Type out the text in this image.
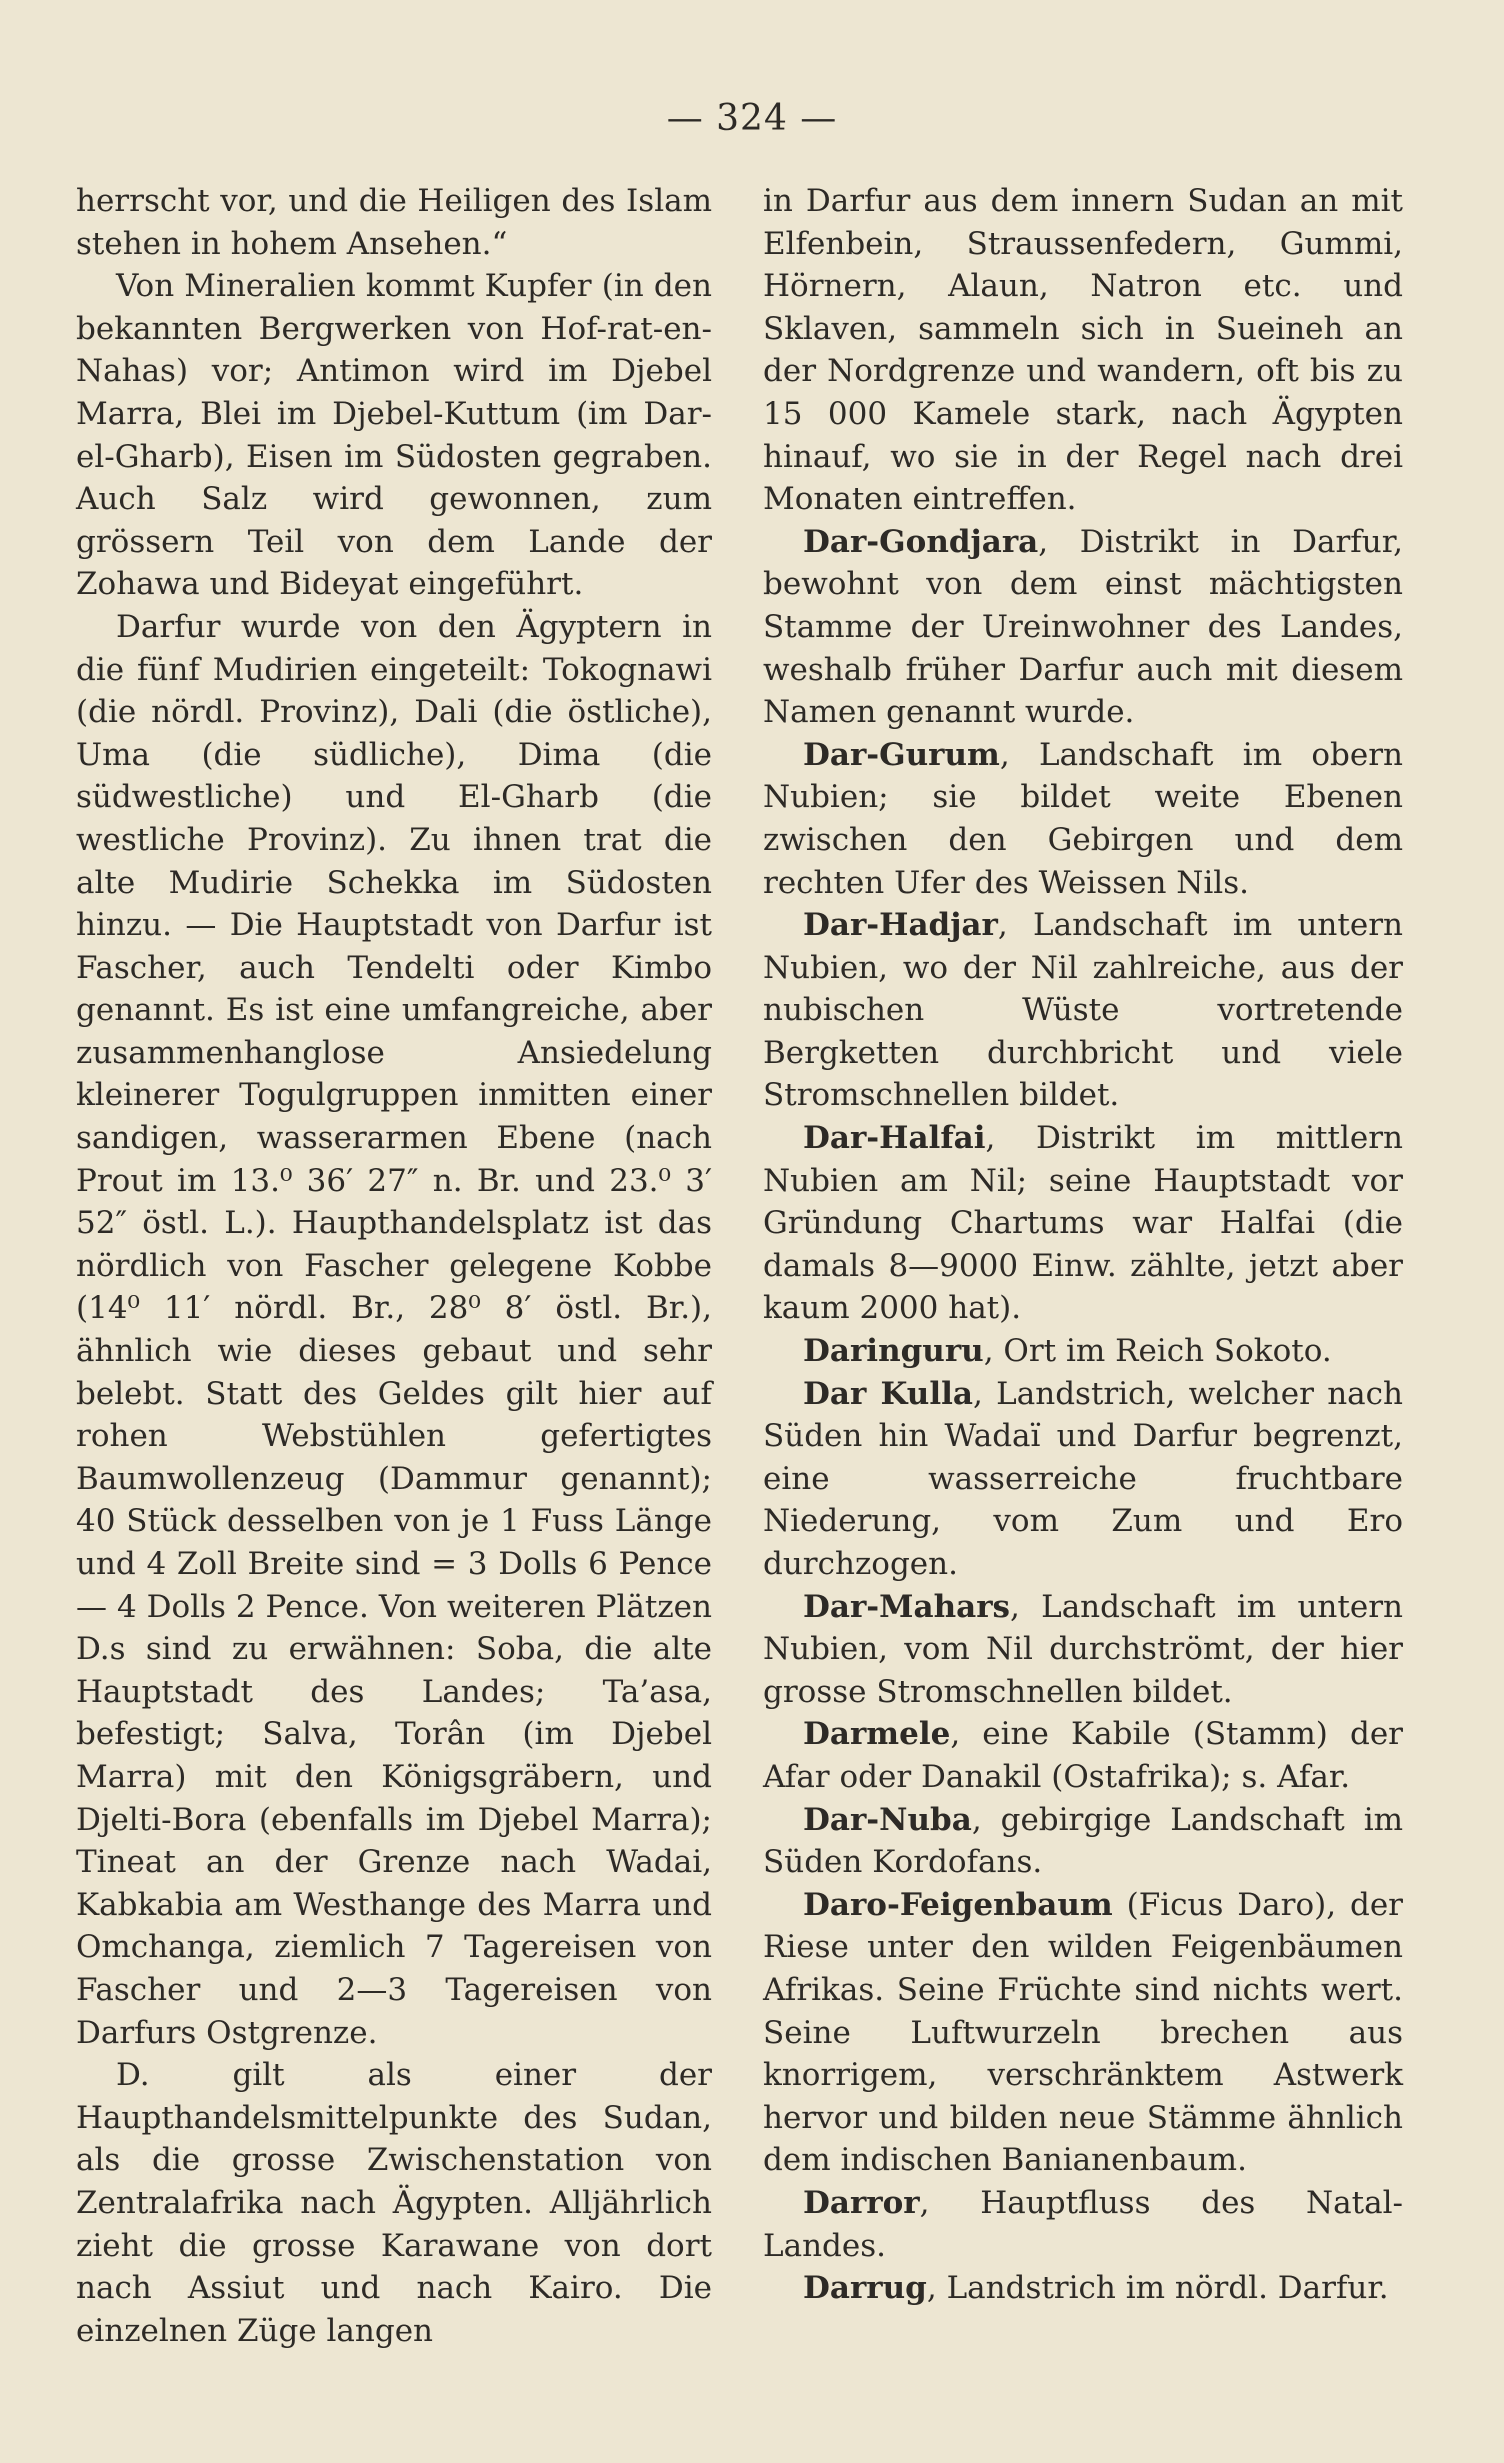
— 324 —

herrscht vor, und die Heiligen des Islam stehen in hohem Ansehen.“

Von Mineralien kommt Kupfer (in den bekannten Bergwerken von Hof-rat-en-Nahas) vor; Antimon wird im Djebel Marra, Blei im Djebel-Kuttum (im Dar-el-Gharb), Eisen im Südosten gegraben. Auch Salz wird gewonnen, zum grössern Teil von dem Lande der Zohawa und Bideyat eingeführt.

Darfur wurde von den Ägyptern in die fünf Mudirien eingeteilt: Tokognawi (die nördl. Provinz), Dali (die östliche), Uma (die südliche), Dima (die südwestliche) und El-Gharb (die westliche Provinz). Zu ihnen trat die alte Mudirie Schekka im Südosten hinzu. — Die Hauptstadt von Darfur ist Fascher, auch Tendelti oder Kimbo genannt. Es ist eine umfangreiche, aber zusammenhanglose Ansiedelung kleinerer Togulgruppen inmitten einer sandigen, wasserarmen Ebene (nach Prout im 13.⁰ 36′ 27″ n. Br. und 23.⁰ 3′ 52″ östl. L.). Haupthandelsplatz ist das nördlich von Fascher gelegene Kobbe (14⁰ 11′ nördl. Br., 28⁰ 8′ östl. Br.), ähnlich wie dieses gebaut und sehr belebt. Statt des Geldes gilt hier auf rohen Webstühlen gefertigtes Baumwollenzeug (Dammur genannt); 40 Stück desselben von je 1 Fuss Länge und 4 Zoll Breite sind = 3 Dolls 6 Pence — 4 Dolls 2 Pence. Von weiteren Plätzen D.s sind zu erwähnen: Soba, die alte Hauptstadt des Landes; Ta’asa, befestigt; Salva, Torân (im Djebel Marra) mit den Königsgräbern, und Djelti-Bora (ebenfalls im Djebel Marra); Tineat an der Grenze nach Wadai, Kabkabia am Westhange des Marra und Omchanga, ziemlich 7 Tagereisen von Fascher und 2—3 Tagereisen von Darfurs Ostgrenze.

D. gilt als einer der Haupthandelsmittelpunkte des Sudan, als die grosse Zwischenstation von Zentralafrika nach Ägypten. Alljährlich zieht die grosse Karawane von dort nach Assiut und nach Kairo. Die einzelnen Züge langen

in Darfur aus dem innern Sudan an mit Elfenbein, Straussenfedern, Gummi, Hörnern, Alaun, Natron etc. und Sklaven, sammeln sich in Sueineh an der Nordgrenze und wandern, oft bis zu 15 000 Kamele stark, nach Ägypten hinauf, wo sie in der Regel nach drei Monaten eintreffen.

Dar-Gondjara, Distrikt in Darfur, bewohnt von dem einst mächtigsten Stamme der Ureinwohner des Landes, weshalb früher Darfur auch mit diesem Namen genannt wurde.

Dar-Gurum, Landschaft im obern Nubien; sie bildet weite Ebenen zwischen den Gebirgen und dem rechten Ufer des Weissen Nils.

Dar-Hadjar, Landschaft im untern Nubien, wo der Nil zahlreiche, aus der nubischen Wüste vortretende Bergketten durchbricht und viele Stromschnellen bildet.

Dar-Halfai, Distrikt im mittlern Nubien am Nil; seine Hauptstadt vor Gründung Chartums war Halfai (die damals 8—9000 Einw. zählte, jetzt aber kaum 2000 hat).

Daringuru, Ort im Reich Sokoto.

Dar Kulla, Landstrich, welcher nach Süden hin Wadaï und Darfur begrenzt, eine wasserreiche fruchtbare Niederung, vom Zum und Ero durchzogen.

Dar-Mahars, Landschaft im untern Nubien, vom Nil durchströmt, der hier grosse Stromschnellen bildet.

Darmele, eine Kabile (Stamm) der Afar oder Danakil (Ostafrika); s. Afar.

Dar-Nuba, gebirgige Landschaft im Süden Kordofans.

Daro-Feigenbaum (Ficus Daro), der Riese unter den wilden Feigenbäumen Afrikas. Seine Früchte sind nichts wert. Seine Luftwurzeln brechen aus knorrigem, verschränktem Astwerk hervor und bilden neue Stämme ähnlich dem indischen Banianenbaum.

Darror, Hauptfluss des Natal-Landes.

Darrug, Landstrich im nördl. Darfur.
